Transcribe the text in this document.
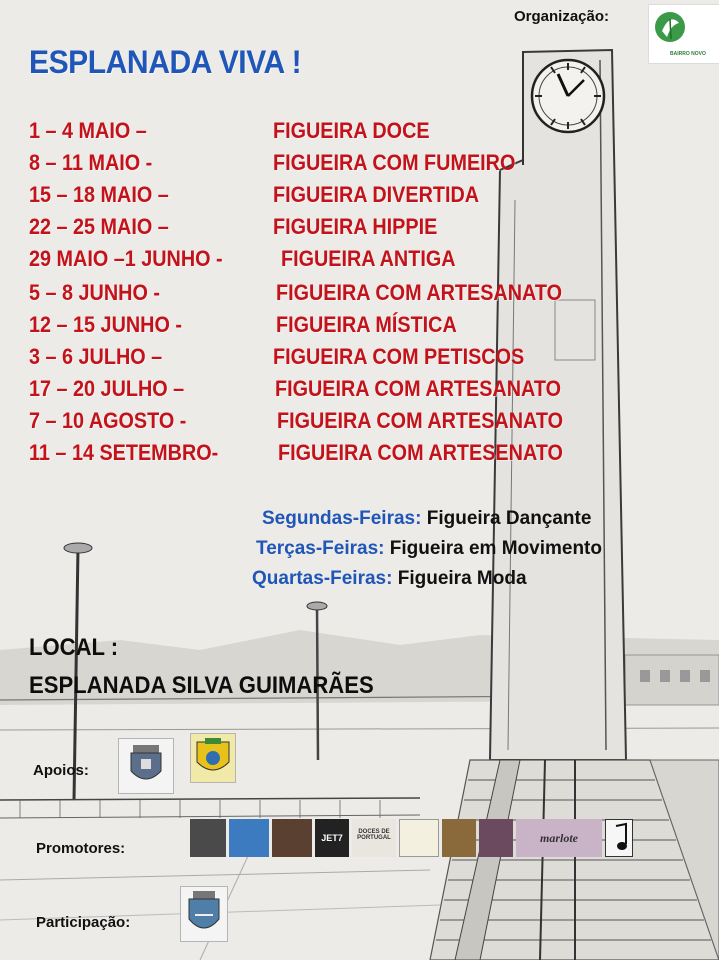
Organização:

BAIRRO NOVO
ESPLANADA VIVA !
1 – 4 MAIO –	FIGUEIRA DOCE
8 – 11 MAIO -	FIGUEIRA COM FUMEIRO
15 – 18 MAIO –	FIGUEIRA DIVERTIDA
22 – 25 MAIO –	FIGUEIRA HIPPIE
29 MAIO –1 JUNHO -	FIGUEIRA ANTIGA
5 – 8 JUNHO -	FIGUEIRA COM ARTESANATO
12 – 15 JUNHO -	FIGUEIRA MÍSTICA
3 – 6 JULHO –	FIGUEIRA COM PETISCOS
17 – 20 JULHO –	FIGUEIRA COM ARTESANATO
7 – 10 AGOSTO -	FIGUEIRA COM ARTESANATO
11 – 14 SETEMBRO-	FIGUEIRA COM ARTESENATO
Segundas-Feiras: Figueira Dançante
Terças-Feiras: Figueira em Movimento
Quartas-Feiras: Figueira Moda

LOCAL :

ESPLANADA SILVA GUIMARÃES

Apoios:

Promotores:

JET7
DOCES DE PORTUGAL	marlote

Participação:
